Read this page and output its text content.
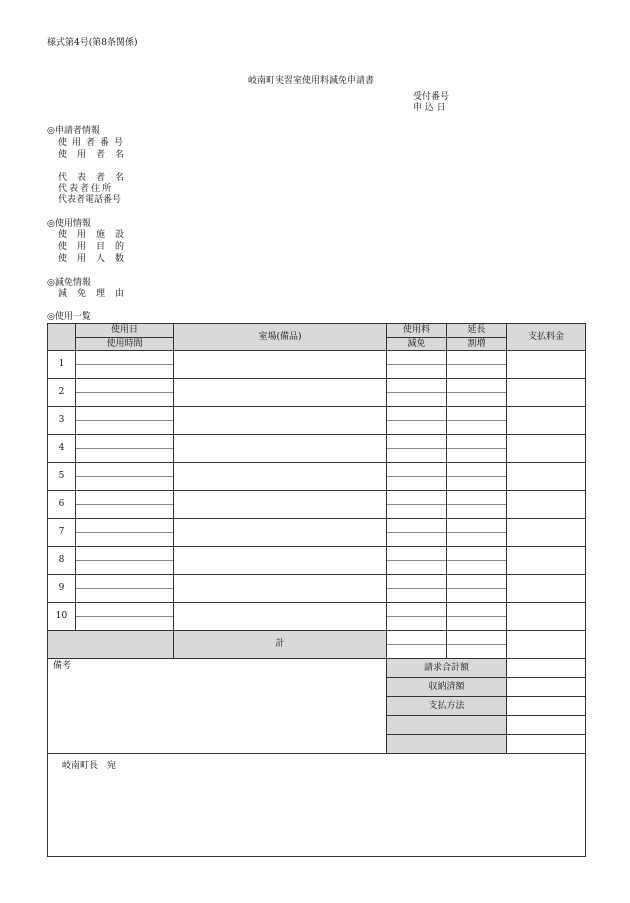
様式第4号(第8条関係)
岐南町実習室使用料減免申請書
受付番号
申 込 日
◎申請者情報
使用者番号
使用者名
代表者名
代表者住所
代表者電話番号
◎使用情報
使用施設
使用目的
使用人数
◎減免情報
減免理由
◎使用一覧
	使用日	室場(備品)	使用料	延長	支払料金
	使用時間		減免	割増	
1	

2	

3	

4	

5	

6	

7	

8	

9	

10	

		計	

備考			請求合計額		
			収納済額		
			支払方法		

岐南町長　宛
